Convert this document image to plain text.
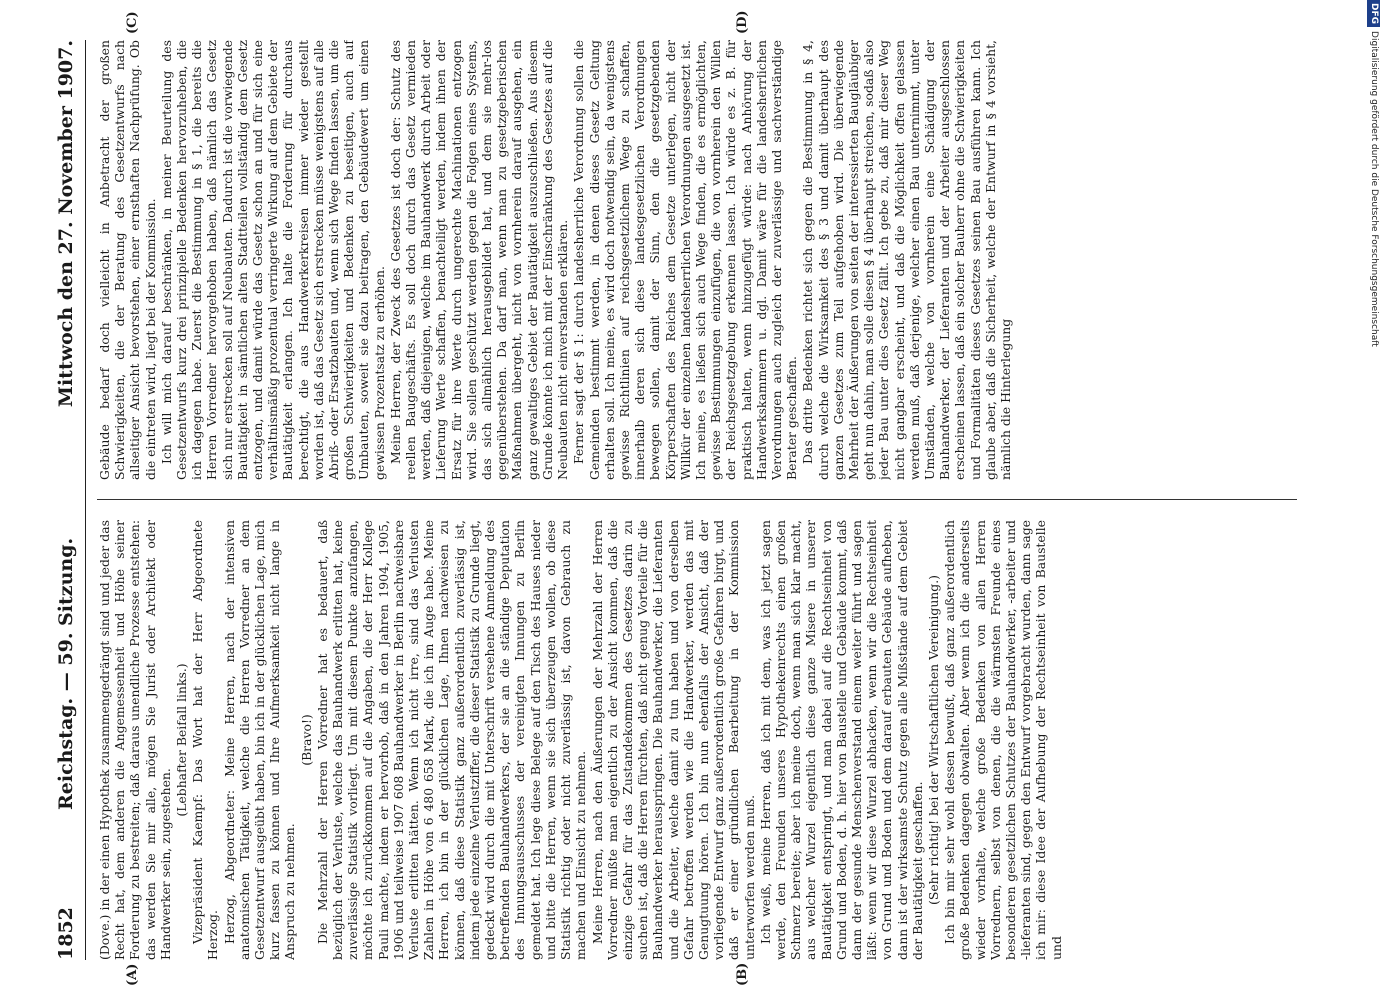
1852
Reichstag. — 59. Sitzung.
Mittwoch den 27. November 1907.
(A)	(B)
(C)	(D)

(Dove.) in der einen Hypothek zusammengedrängt sind und jeder das Recht hat, dem anderen die Angemessenheit und Höhe seiner Forderung zu bestreiten; daß daraus unendliche Prozesse entstehen: das werden Sie mir alle, mögen Sie Jurist oder Architekt oder Handwerker sein, zugestehen.

(Lebhafter Beifall links.) Vizepräsident Kaempf: Das Wort hat der Herr Abgeordnete Herzog. Herzog, Abgeordneter: Meine Herren, nach der intensiven anatomischen Tätigkeit, welche die Herren Vorredner an dem Gesetzentwurf ausgeübt haben, bin ich in der glücklichen Lage, mich kurz fassen zu können und Ihre Aufmerksamkeit nicht lange in Anspruch zu nehmen.

(Bravo!) Die Mehrzahl der Herren Vorredner hat es bedauert, daß bezüglich der Verluste, welche das Bauhandwerk erlitten hat, keine zuverlässige Statistik vorliegt. Um mit diesem Punkte anzufangen, möchte ich zurückkommen auf die Angaben, die der Herr Kollege Pauli machte, indem er hervorhob, daß in den Jahren 1904, 1905, 1906 und teilweise 1907 608 Bauhandwerker in Berlin nachweisbare Verluste erlitten hätten. Wenn ich nicht irre, sind das Verlusten Zahlen in Höhe von 6 480 658 Mark, die ich im Auge habe. Meine Herren, ich bin in der glücklichen Lage, Ihnen nachweisen zu können, daß diese Statistik ganz außerordentlich zuverlässig ist, indem jede einzelne Verlustziffer, die dieser Statistik zu Grunde liegt, gedeckt wird durch die mit Unterschrift versehene Anmeldung des betreffenden Bauhandwerkers, der sie an die ständige Deputation des Innungsausschusses der vereinigten Innungen zu Berlin gemeldet hat. Ich lege diese Belege auf den Tisch des Hauses nieder und bitte die Herren, wenn sie sich überzeugen wollen, ob diese Statistik richtig oder nicht zuverlässig ist, davon Gebrauch zu machen und Einsicht zu nehmen. Meine Herren, nach den Äußerungen der Mehrzahl der Herren Vorredner müßte man eigentlich zu der Ansicht kommen, daß die einzige Gefahr für das Zustandekommen des Gesetzes darin zu suchen ist, daß die Herren fürchten, daß nicht genug Vorteile für die Bauhandwerker herausspringen. Die Bauhandwerker, die Lieferanten und die Arbeiter, welche damit zu tun haben und von derselben Gefahr betroffen werden wie die Handwerker, werden das mit Genugtuung hören. Ich bin nun ebenfalls der Ansicht, daß der vorliegende Entwurf ganz außerordentlich große Gefahren birgt, und daß er einer gründlichen Bearbeitung in der Kommission unterworfen werden muß. Ich weiß, meine Herren, daß ich mit dem, was ich jetzt sagen werde, den Freunden unseres Hypothekenrechts einen großen Schmerz bereite; aber ich meine doch, wenn man sich klar macht, aus welcher Wurzel eigentlich diese ganze Misere in unserer Bautätigkeit entspringt, und man dabei auf die Rechtseinheit von Grund und Boden, d. h. hier von Baustelle und Gebäude kommt, daß dann der gesunde Menschenverstand einem weiter führt und sagen läßt: wenn wir diese Wurzel abhacken, wenn wir die Rechtseinheit von Grund und Boden und dem darauf erbauten Gebäude aufheben, dann ist der wirksamste Schutz gegen alle Mißstände auf dem Gebiet der Bautätigkeit geschaffen. (Sehr richtig! bei der Wirtschaftlichen Vereinigung.) Ich bin mir sehr wohl dessen bewußt, daß ganz außerordentlich große Bedenken dagegen obwalten. Aber wenn ich die anderseits wieder vorhalte, welche große Bedenken von allen Herren Vorrednern, selbst von denen, die die wärmsten Freunde eines besonderen gesetzlichen Schutzes der Bauhandwerker, -arbeiter und -lieferanten sind, gegen den Entwurf vorgebracht wurden, dann sage ich mir: diese Idee der Aufhebung der Rechtseinheit von Baustelle und

Gebäude bedarf doch vielleicht in Anbetracht der großen Schwierigkeiten, die der Beratung des Gesetzentwurfs nach allseitiger Ansicht bevorstehen, einer ernsthaften Nachprüfung. Ob die eintreten wird, liegt bei der Kommission. Ich will mich darauf beschränken, in meiner Beurteilung des Gesetzentwurfs kurz drei prinzipielle Bedenken hervorzuheben, die ich dagegen habe. Zuerst die Bestimmung in § 1, die bereits die Herren Vorredner hervorgehoben haben, daß nämlich das Gesetz sich nur erstrecken soll auf Neubauten. Dadurch ist die vorwiegende Bautätigkeit in sämtlichen alten Stadtteilen vollständig dem Gesetz entzogen, und damit würde das Gesetz schon an und für sich eine verhältnismäßig prozentual verringerte Wirkung auf dem Gebiete der Bautätigkeit erlangen. Ich halte die Forderung für durchaus berechtigt, die aus Handwerkerkreisen immer wieder gestellt worden ist, daß das Gesetz sich erstrecken müsse wenigstens auf alle Abriß- oder Ersatzbauten und, wenn sich Wege finden lassen, um die großen Schwierigkeiten und Bedenken zu beseitigen, auch auf Umbauten, soweit sie dazu beitragen, den Gebäudewert um einen gewissen Prozentsatz zu erhöhen. Meine Herren, der Zweck des Gesetzes ist doch der: Schutz des reellen Baugeschäfts. Es soll doch durch das Gesetz vermieden werden, daß diejenigen, welche im Bauhandwerk durch Arbeit oder Lieferung Werte schaffen, benachteiligt werden, indem ihnen der Ersatz für ihre Werte durch ungerechte Machinationen entzogen wird. Sie sollen geschützt werden gegen die Folgen eines Systems, das sich allmählich herausgebildet hat, und dem sie mehr-los gegenüberstehen. Da darf man, wenn man zu gesetzgeberischen Maßnahmen übergeht, nicht von vornherein darauf ausgehen, ein ganz gewaltiges Gebiet der Bautätigkeit auszuschließen. Aus diesem Grunde könnte ich mich mit der Einschränkung des Gesetzes auf die Neubauten nicht einverstanden erklären. Ferner sagt der § 1: durch landesherrliche Verordnung sollen die Gemeinden bestimmt werden, in denen dieses Gesetz Geltung erhalten soll. Ich meine, es wird doch notwendig sein, da wenigstens gewisse Richtlinien auf reichsgesetzlichem Wege zu schaffen, innerhalb deren sich diese landesgesetzlichen Verordnungen bewegen sollen, damit der Sinn, den die gesetzgebenden Körperschaften des Reiches dem Gesetze unterlegen, nicht der Willkür der einzelnen landesherrlichen Verordnungen ausgesetzt ist. Ich meine, es ließen sich auch Wege finden, die es ermöglichten, gewisse Bestimmungen einzufügen, die von vornherein den Willen der Reichsgesetzgebung erkennen lassen. Ich würde es z. B. für praktisch halten, wenn hinzugefügt würde: nach Anhörung der Handwerkskammern u. dgl. Damit wäre für die landesherrlichen Verordnungen auch zugleich der zuverlässige und sachverständige Berater geschaffen. Das dritte Bedenken richtet sich gegen die Bestimmung in § 4, durch welche die Wirksamkeit des § 3 und damit überhaupt des ganzen Gesetzes zum Teil aufgehoben wird. Die überwiegende Mehrheit der Äußerungen von seiten der interessierten Baugläubiger geht nun dahin, man solle diesen § 4 überhaupt streichen, sodaß also jeder Bau unter dies Gesetz fällt. Ich gebe zu, daß mir dieser Weg nicht gangbar erscheint, und daß die Möglichkeit offen gelassen werden muß, daß derjenige, welcher einen Bau unternimmt, unter Umständen, welche von vornherein eine Schädigung der Bauhandwerker, der Lieferanten und der Arbeiter ausgeschlossen erscheinen lassen, daß ein solcher Bauherr ohne die Schwierigkeiten und Formalitäten dieses Gesetzes seinen Bau ausführen kann. Ich glaube aber, daß die Sicherheit, welche der Entwurf in § 4 vorsieht, nämlich die Hinterlegung

DFGDigitalisierung gefördert durch die Deutsche Forschungsgemeinschaft
